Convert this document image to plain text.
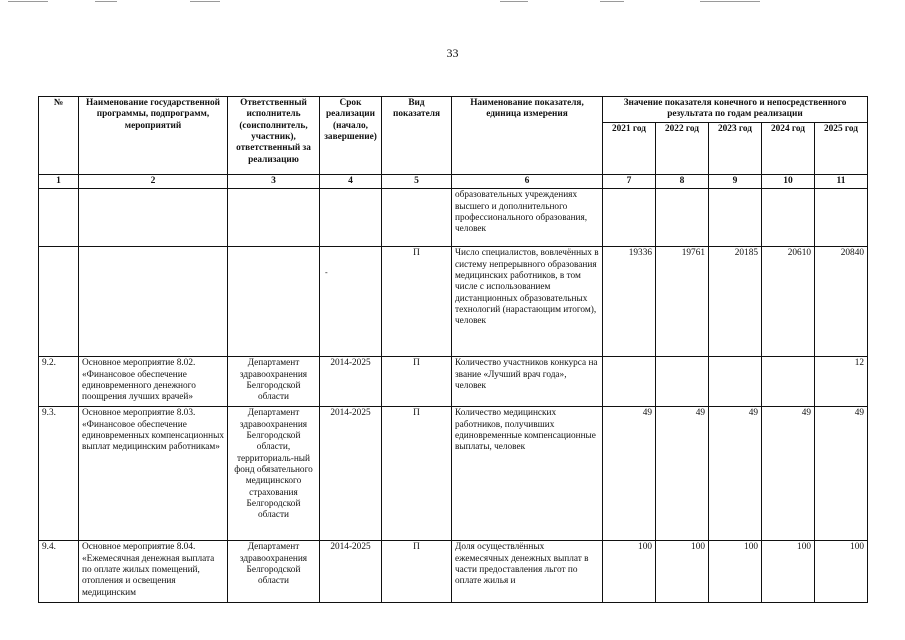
33
№	Наименование государственной программы, подпрограмм, мероприятий	Ответственный исполнитель (соисполнитель, участник), ответственный за реализацию	Срок реализации (начало, завершение)	Вид показателя	Наименование показателя, единица измерения	Значение показателя конечного и непосредственного результата по годам реализации				
						2021 год	2022 год	2023 год	2024 год	2025 год
1	2	3	4	5	6	7	8	9	10	11
					образовательных учреждениях высшего и дополнительного профессионального образования, человек					
				П	Число специалистов, вовлечённых в систему непрерывного образования медицинских работников, в том числе с использованием дистанционных образовательных технологий (нарастающим итогом), человек	19336	19761	20185	20610	20840
9.2.	Основное мероприятие 8.02. «Финансовое обеспечение единовременного денежного поощрения лучших врачей»	Департамент здравоохранения Белгородской области	2014-2025	П	Количество участников конкурса на звание «Лучший врач года», человек					12
9.3.	Основное мероприятие 8.03. «Финансовое обеспечение единовременных компенсационных выплат медицинским работникам»	Департамент здравоохранения Белгородской области, территориаль-ный фонд обязательного медицинского страхования Белгородской области	2014-2025	П	Количество медицинских работников, получивших единовременные компенсационные выплаты, человек	49	49	49	49	49
9.4.	Основное мероприятие 8.04. «Ежемесячная денежная выплата по оплате жилых помещений, отопления и освещения медицинским	Департамент здравоохранения Белгородской области	2014-2025	П	Доля осуществлённых ежемесячных денежных выплат в части предоставления льгот по оплате жилья и	100	100	100	100	100
-
